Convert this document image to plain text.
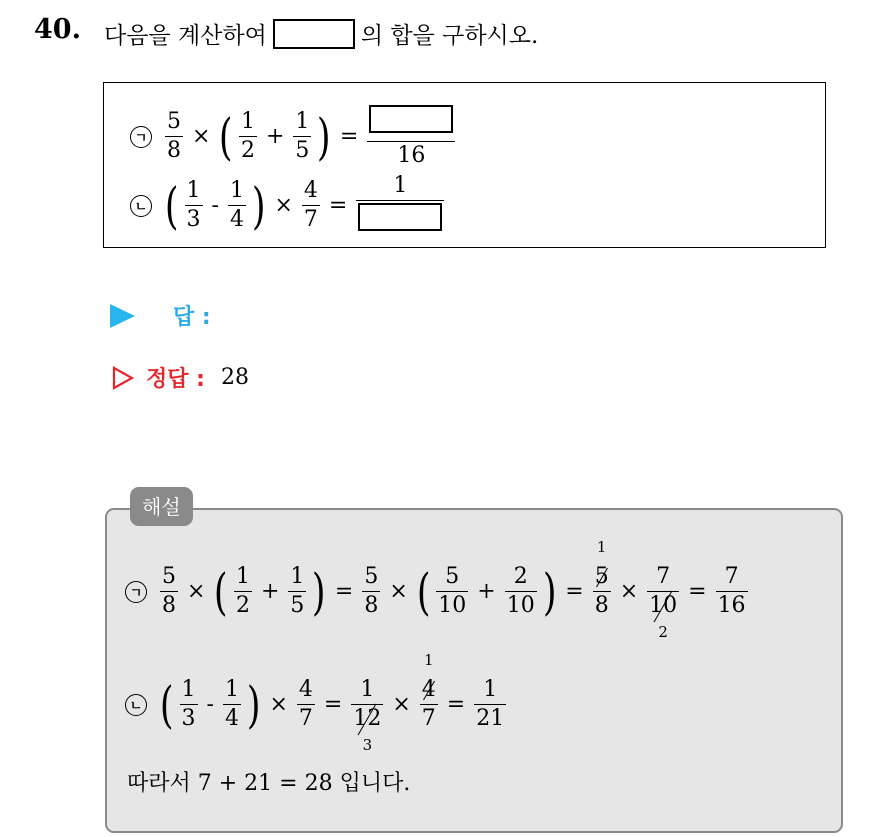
40. 다음을 계산하여	의 합을 구하시오.
ㄱ $\frac{5}{8}$ × ( $\frac{1}{2} + \frac{1}{5}$ ) =
16
ㄴ ( $\frac{1}{3} - \frac{1}{4}$ ) × $\frac{4}{7}$ =
1
답 :
정답 : 28
해설
ㄱ $\frac{5}{8}$ × ( $\frac{1}{2} + \frac{1}{5}$ ) = $\frac{5}{8}$ × ( $\frac{5}{10} + \frac{2}{10}$ ) = 5
1
8 × 7
10
$2 = \frac{7}{16}$
ㄴ ( $\frac{1}{3} - \frac{1}{4}$ ) × $\frac{4}{7} = 1$
12
3 × 4
1
$7 = \frac{1}{21}$
따라서 7 + 21 = 28 입니다.
